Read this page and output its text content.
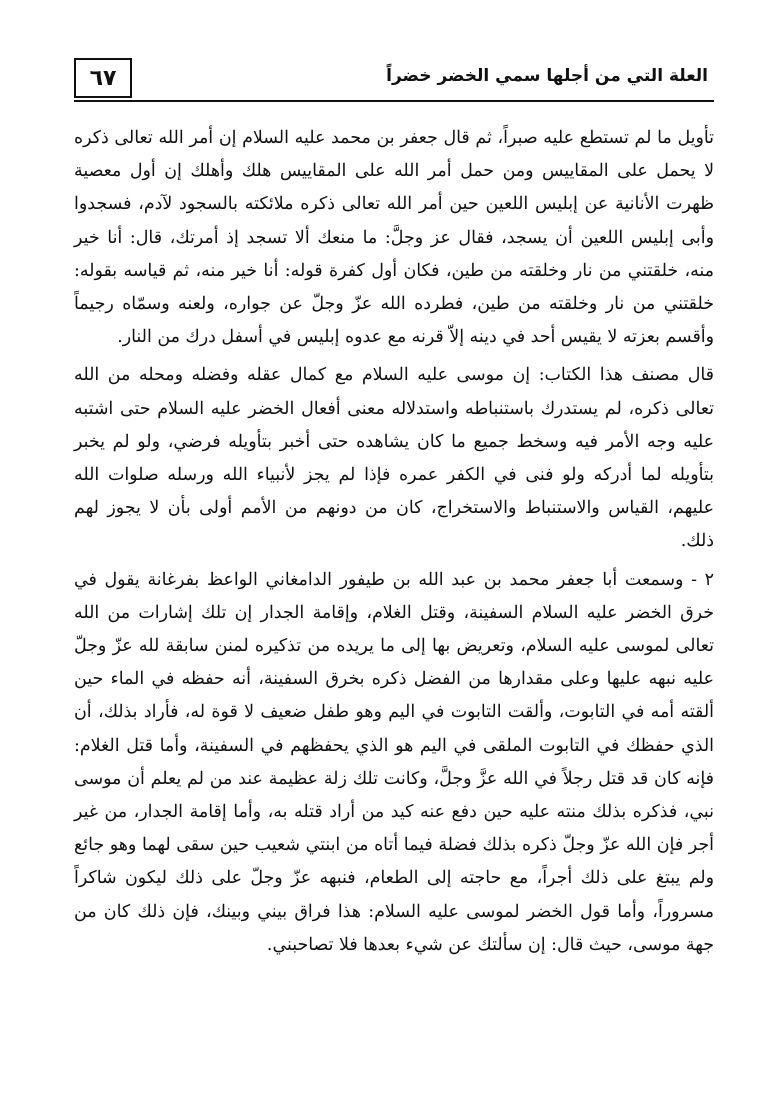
العلة التي من أجلها سمي الخضر خضراً
٦٧

تأويل ما لم تستطع عليه صبراً، ثم قال جعفر بن محمد عليه السلام إن أمر الله تعالى ذكره لا يحمل على المقاييس ومن حمل أمر الله على المقاييس هلك وأهلك إن أول معصية ظهرت الأنانية عن إبليس اللعين حين أمر الله تعالى ذكره ملائكته بالسجود لآدم، فسجدوا وأبى إبليس اللعين أن يسجد، فقال عز وجلَّ: ما منعك ألا تسجد إذ أمرتك، قال: أنا خير منه، خلقتني من نار وخلقته من طين، فكان أول كفرة قوله: أنا خير منه، ثم قياسه بقوله: خلقتني من نار وخلقته من طين، فطرده الله عزّ وجلّ عن جواره، ولعنه وسمّاه رجيماً وأقسم بعزته لا يقيس أحد في دينه إلاّ قرنه مع عدوه إبليس في أسفل درك من النار.

قال مصنف هذا الكتاب: إن موسى عليه السلام مع كمال عقله وفضله ومحله من الله تعالى ذكره، لم يستدرك باستنباطه واستدلاله معنى أفعال الخضر عليه السلام حتى اشتبه عليه وجه الأمر فيه وسخط جميع ما كان يشاهده حتى أخبر بتأويله فرضي، ولو لم يخبر بتأويله لما أدركه ولو فنى في الكفر عمره فإذا لم يجز لأنبياء الله ورسله صلوات الله عليهم، القياس والاستنباط والاستخراج، كان من دونهم من الأمم أولى بأن لا يجوز لهم ذلك.

٢ - وسمعت أبا جعفر محمد بن عبد الله بن طيفور الدامغاني الواعظ بفرغانة يقول في خرق الخضر عليه السلام السفينة، وقتل الغلام، وإقامة الجدار إن تلك إشارات من الله تعالى لموسى عليه السلام، وتعريض بها إلى ما يريده من تذكيره لمنن سابقة لله عزّ وجلّ عليه نبهه عليها وعلى مقدارها من الفضل ذكره بخرق السفينة، أنه حفظه في الماء حين ألقته أمه في التابوت، وألقت التابوت في اليم وهو طفل ضعيف لا قوة له، فأراد بذلك، أن الذي حفظك في التابوت الملقى في اليم هو الذي يحفظهم في السفينة، وأما قتل الغلام: فإنه كان قد قتل رجلاً في الله عزَّ وجلَّ، وكانت تلك زلة عظيمة عند من لم يعلم أن موسى نبي، فذكره بذلك منته عليه حين دفع عنه كيد من أراد قتله به، وأما إقامة الجدار، من غير أجر فإن الله عزّ وجلّ ذكره بذلك فضلة فيما أتاه من ابنتي شعيب حين سقى لهما وهو جائع ولم يبتغ على ذلك أجراً، مع حاجته إلى الطعام، فنبهه عزّ وجلّ على ذلك ليكون شاكراً مسروراً، وأما قول الخضر لموسى عليه السلام: هذا فراق بيني وبينك، فإن ذلك كان من جهة موسى، حيث قال: إن سألتك عن شيء بعدها فلا تصاحبني.
